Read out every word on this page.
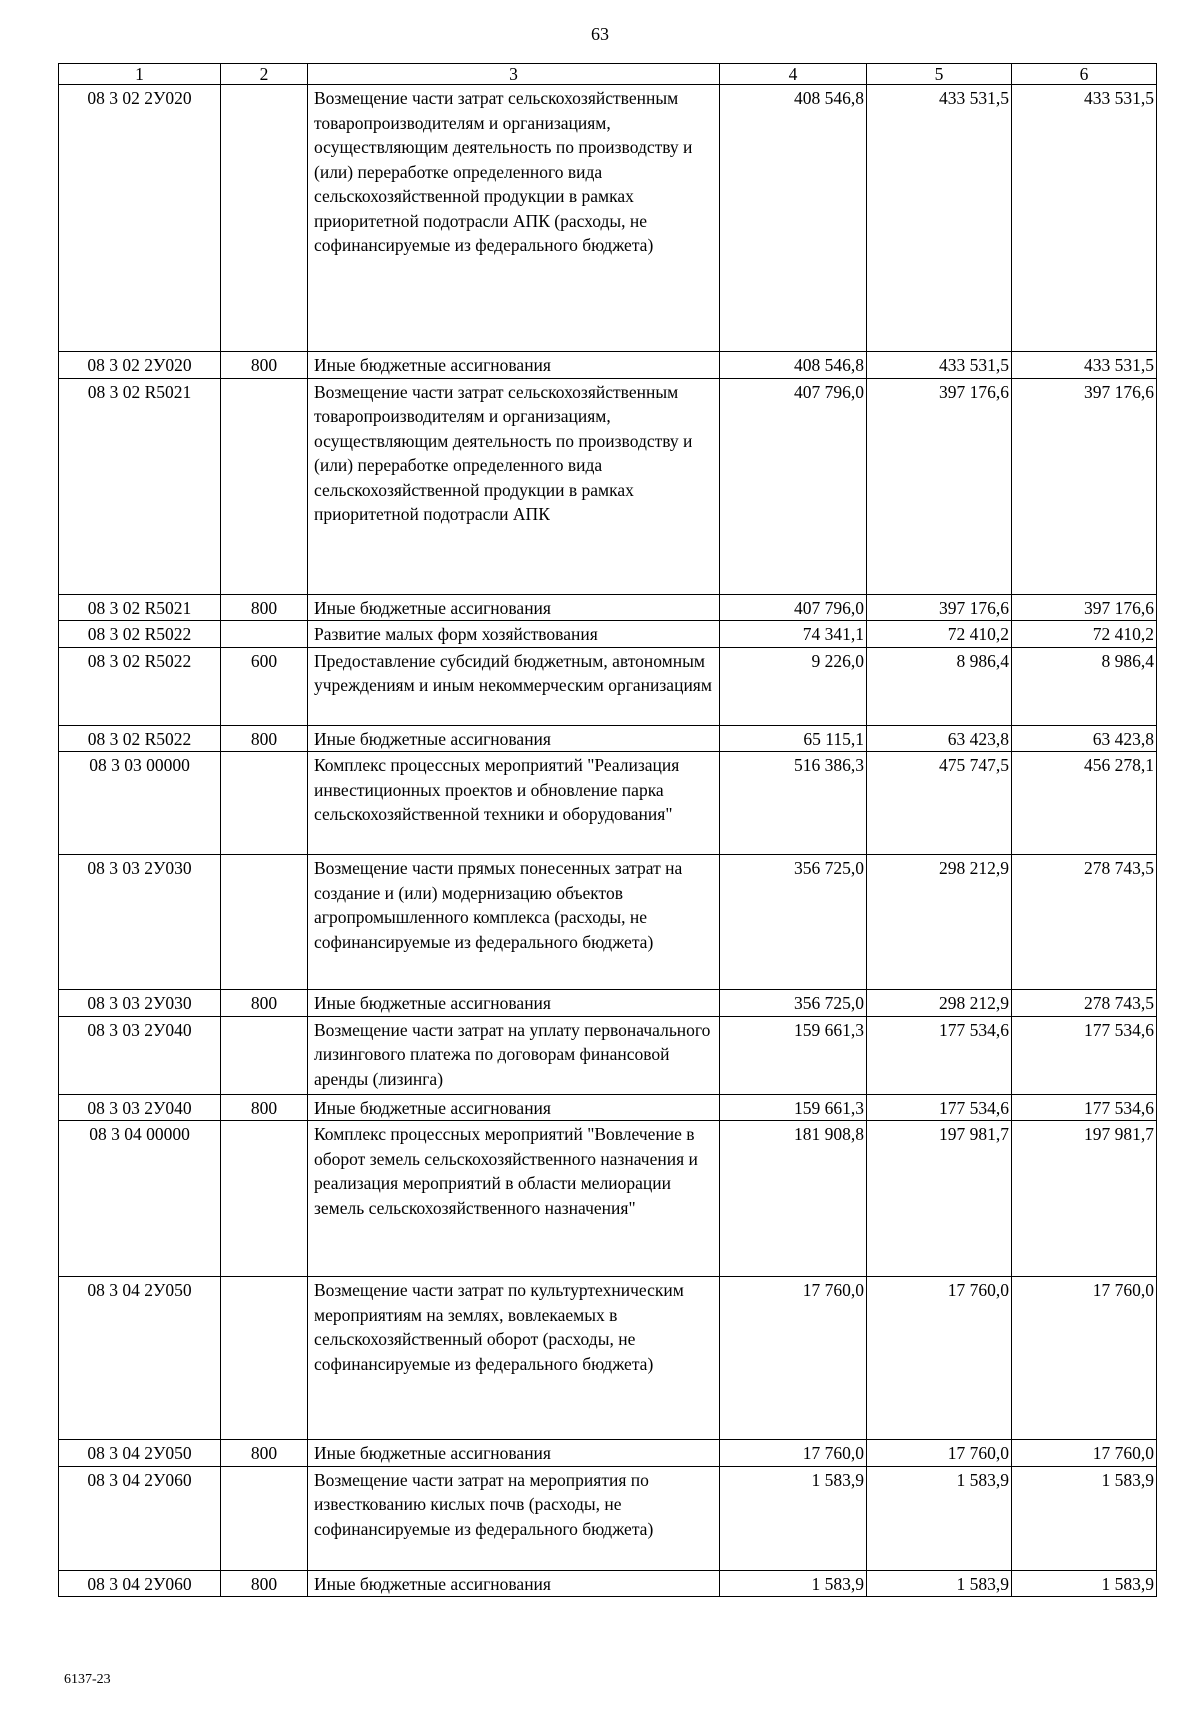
63
1	2	3	4	5	6
08 3 02 2У020		Возмещение части затрат сельскохозяйственным товаропроизводителям и организациям, осуществляющим деятельность по производству и (или) переработке определенного вида сельскохозяйственной продукции в рамках приоритетной подотрасли АПК (расходы, не софинансируемые из федерального бюджета)	408 546,8	433 531,5	433 531,5
08 3 02 2У020	800	Иные бюджетные ассигнования	408 546,8	433 531,5	433 531,5
08 3 02 R5021		Возмещение части затрат сельскохозяйственным товаропроизводителям и организациям, осуществляющим деятельность по производству и (или) переработке определенного вида сельскохозяйственной продукции в рамках приоритетной подотрасли АПК	407 796,0	397 176,6	397 176,6
08 3 02 R5021	800	Иные бюджетные ассигнования	407 796,0	397 176,6	397 176,6
08 3 02 R5022		Развитие малых форм хозяйствования	74 341,1	72 410,2	72 410,2
08 3 02 R5022	600	Предоставление субсидий бюджетным, автономным учреждениям и иным некоммерческим организациям	9 226,0	8 986,4	8 986,4
08 3 02 R5022	800	Иные бюджетные ассигнования	65 115,1	63 423,8	63 423,8
08 3 03 00000		Комплекс процессных мероприятий "Реализация инвестиционных проектов и обновление парка сельскохозяйственной техники и оборудования"	516 386,3	475 747,5	456 278,1
08 3 03 2У030		Возмещение части прямых понесенных затрат на создание и (или) модернизацию объектов агропромышленного комплекса (расходы, не софинансируемые из федерального бюджета)	356 725,0	298 212,9	278 743,5
08 3 03 2У030	800	Иные бюджетные ассигнования	356 725,0	298 212,9	278 743,5
08 3 03 2У040		Возмещение части затрат на уплату первоначального лизингового платежа по договорам финансовой аренды (лизинга)	159 661,3	177 534,6	177 534,6
08 3 03 2У040	800	Иные бюджетные ассигнования	159 661,3	177 534,6	177 534,6
08 3 04 00000		Комплекс процессных мероприятий "Вовлечение в оборот земель сельскохозяйственного назначения и реализация мероприятий в области мелиорации земель сельскохозяйственного назначения"	181 908,8	197 981,7	197 981,7
08 3 04 2У050		Возмещение части затрат по культуртехническим мероприятиям на землях, вовлекаемых в сельскохозяйственный оборот (расходы, не софинансируемые из федерального бюджета)	17 760,0	17 760,0	17 760,0
08 3 04 2У050	800	Иные бюджетные ассигнования	17 760,0	17 760,0	17 760,0
08 3 04 2У060		Возмещение части затрат на мероприятия по известкованию кислых почв (расходы, не софинансируемые из федерального бюджета)	1 583,9	1 583,9	1 583,9
08 3 04 2У060	800	Иные бюджетные ассигнования	1 583,9	1 583,9	1 583,9
6137-23
